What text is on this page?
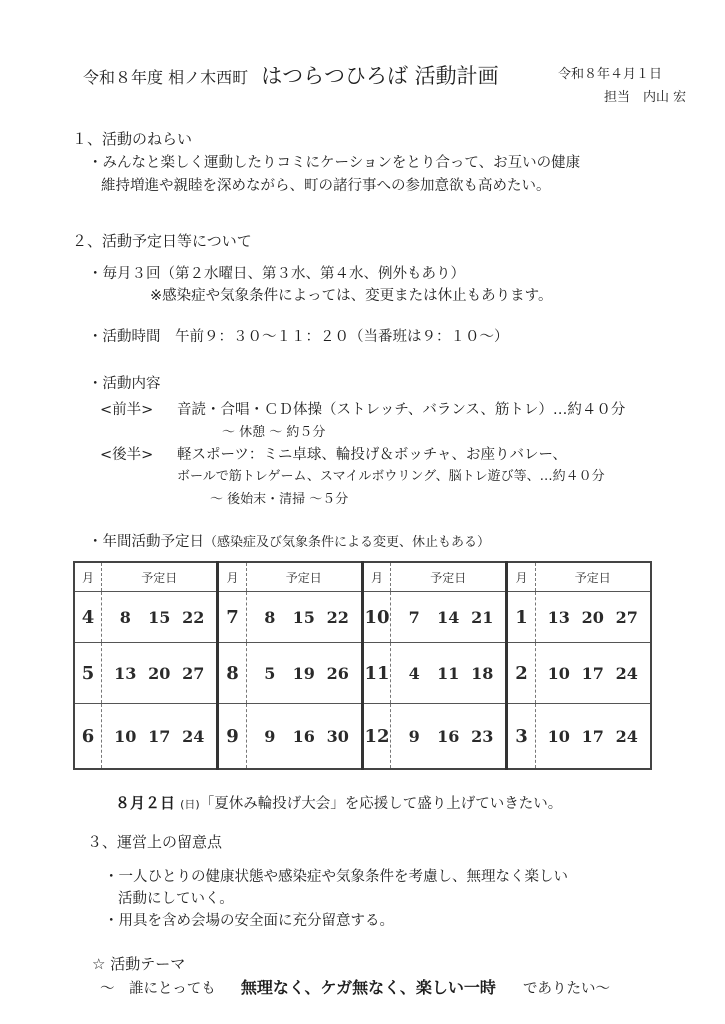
令和８年度 相ノ木西町 はつらつひろば 活動計画	令和８年４月１日
担当　内山 宏
１、活動のねらい
・みんなと楽しく運動したりコミにケーションをとり合って、お互いの健康
維持増進や親睦を深めながら、町の諸行事への参加意欲も高めたい。
２、活動予定日等について
・毎月３回（第２水曜日、第３水、第４水、例外もあり）
※感染症や気象条件によっては、変更または休止もあります。
・活動時間　午前９：３０～１１：２０（当番班は９：１０～）
・活動内容
<前半> 音読・合唱・ＣＤ体操（ストレッチ、バランス、筋トレ）…約４０分
～ 休憩 ～ 約５分
<後半> 軽スポーツ：ミニ卓球、輪投げ＆ボッチャ、お座りバレー、
ボールで筋トレゲーム、スマイルボウリング、脳トレ遊び等、…約４０分
～ 後始末・清掃 ～５分
・年間活動予定日（感染症及び気象条件による変更、休止もある）
月	予定日	月	予定日	月	予定日	月	予定日
4	8 15 22	7	8 15 22	10	7 14 21	1	13 20 27
5	13 20 27	8	5 19 26	11	4 11 18	2	10 17 24
6	10 17 24	9	9 16 30	12	9 16 23	3	10 17 24
８月２日 (日)「夏休み輪投げ大会」を応援して盛り上げていきたい。
３、運営上の留意点
・一人ひとりの健康状態や感染症や気象条件を考慮し、無理なく楽しい
活動にしていく。
・用具を含め会場の安全面に充分留意する。
☆ 活動テーマ
～　誰にとっても 無理なく、ケガ無なく、楽しい一時 でありたい～
